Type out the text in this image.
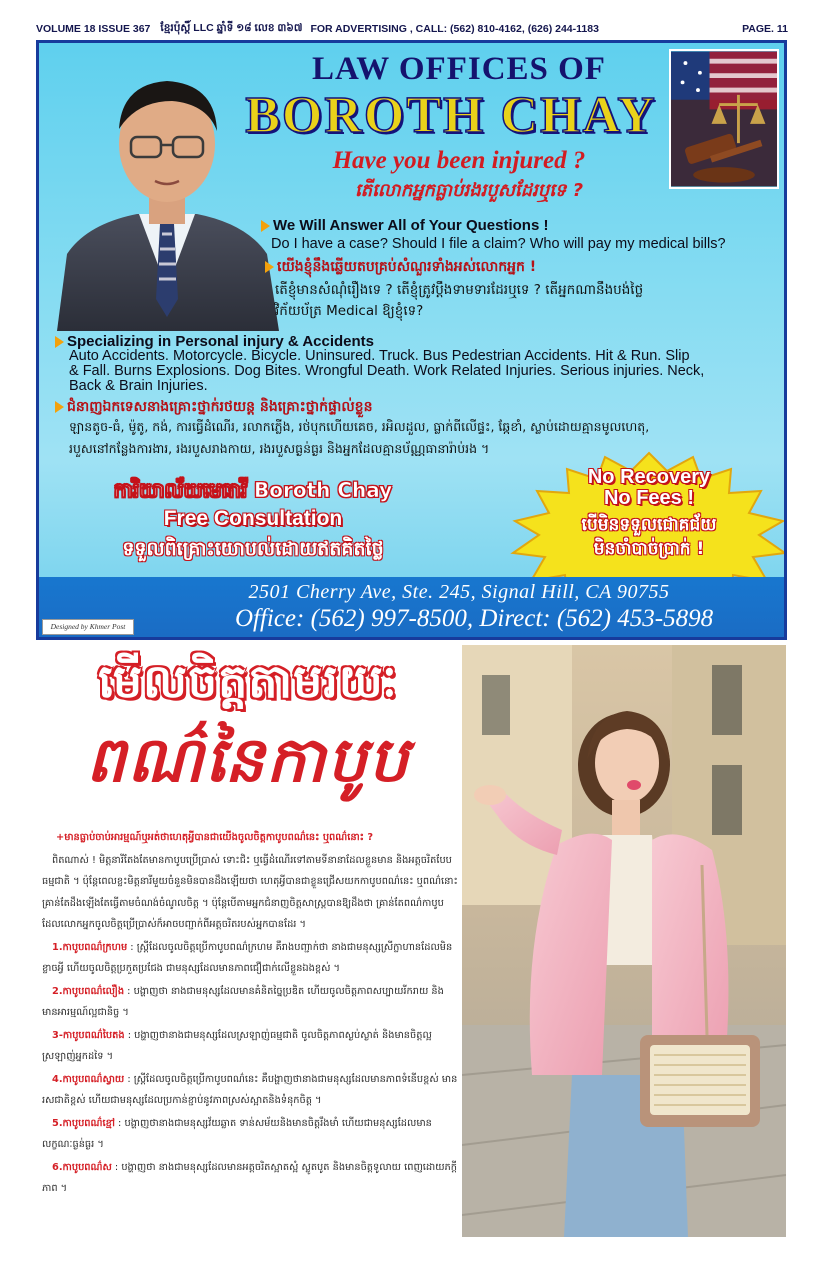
VOLUME 18 ISSUE 367 ខ្មែរប៉ុស្តិ៍ LLC ឆ្នាំទី ១៨ លេខ ៣៦៧ FOR ADVERTISING , CALL: (562) 810-4162, (626) 244-1183	PAGE. 11
LAW OFFICES OF
BOROTH CHAY
Have you been injured ?
តើលោកអ្នកធ្លាប់រងរបួសដែរឬទេ ?
We Will Answer All of Your Questions !
Do I have a case? Should I file a claim? Who will pay my medical bills?
យើងខ្ញុំនឹងឆ្លើយតបគ្រប់សំណួរទាំងអស់លោកអ្នក !
តើខ្ញុំមានសំណុំរឿងទេ ? តើខ្ញុំត្រូវប្តឹងទាមទារដែរឬទេ ? តើអ្នកណានឹងបង់ថ្លៃ
វិក័យប័ត្រ Medical ឱ្យខ្ញុំទេ?
Specializing in Personal injury & Accidents
Auto Accidents. Motorcycle. Bicycle. Uninsured. Truck. Bus Pedestrian Accidents. Hit & Run. Slip
& Fall. Burns Explosions. Dog Bites. Wrongful Death. Work Related Injuries. Serious injuries. Neck,
Back & Brain Injuries.
ជំនាញឯកទេសនាងគ្រោះថ្នាក់រថយន្ត និងគ្រោះថ្នាក់ផ្ទាល់ខ្លួន
ឡានតូច-ធំ, ម៉ូតូ, កង់, ការធ្វើដំណើរ, រលាកភ្លើង, រថ់បុកហើយគេច, រអិលដួល, ធ្លាក់ពីលើផ្ទះ, ឆ្កែខាំ, ស្លាប់ដោយគ្មានមូលហេតុ,
របួសនៅកន្លែងការងារ, រងរបួសរាងកាយ, រងរបួសធ្ងន់ធ្ងរ និងអ្នកដែលគ្មានប័ណ្ណធានារ៉ាប់រង ។
ការិយាល័យមេធាវី Boroth Chay
Free Consultation
ទទួលពិគ្រោះយោបល់ដោយឥតគិតថ្លៃ
No Recovery
No Fees !
បើមិនទទួលជោគជ័យ
មិនចាំបាច់ប្រាក់ !
2501 Cherry Ave, Ste. 245, Signal Hill, CA 90755
Office: (562) 997-8500, Direct: (562) 453-5898
Designed by Khmer Post
មើលចិត្តតាមរយៈ
ពណ៌នៃកាបូប

+មានធ្លាប់ចាប់អារម្មណ៍ឬអត់ថាហេតុអ្វីបានជាយើងចូលចិត្តកាបូបពណ៌នេះ ឬពណ៌នោះ ?

ពិតណាស់ ! មិត្តនារីតែងតែមានកាបូបប្រើប្រាស់ ទោះជិះ ឬធ្វើដំណើរទៅតាមទីនានាដែលខ្លួនមាន និងអត្តចរិតបែបធម្មជាតិ ។ ប៉ុន្តែពេលខ្លះមិត្តនារីមួយចំនួនមិនបានដឹងឡើយថា ហេតុអ្វីបានជាខ្លួនជ្រើសយកកាបូបពណ៌នេះ ឬពណ៌នោះ គ្រាន់តែដឹងឡើងតែធ្វើតាមចំណង់ចំណូលចិត្ត ។ ប៉ុន្តែបើតាមអ្នកជំនាញចិត្តសាស្ត្របានឱ្យដឹងថា គ្រាន់តែពណ៌កាបូបដែលលោកអ្នកចូលចិត្តប្រើប្រាស់ក៏អាចបញ្ជាក់ពីអត្តចរិតរបស់អ្នកបានដែរ ។

1.កាបូបពណ៌ក្រហម : ស្ត្រីដែលចូលចិត្តប្រើកាបូបពណ៌ក្រហម គឺរាងបញ្ជាក់ថា នាងជាមនុស្សស្រីក្លាហានដែលមិនខ្លាចអ្វី ហើយចូលចិត្តប្រកួតប្រជែង ជាមនុស្សដែលមានភាពជឿជាក់លើខ្លួនឯងខ្ពស់ ។

2.កាបូបពណ៌លឿង : បង្ហាញថា នាងជាមនុស្សដែលមានគំនិតច្នៃប្រឌិត ហើយចូលចិត្តភាពសប្បាយរីករាយ និងមានអារម្មណ៍ល្អជានិច្ច ។

3-កាបូបពណ៌បៃតង : បង្ហាញថានាងជាមនុស្សដែលស្រឡាញ់ធម្មជាតិ ចូលចិត្តភាពស្ងប់ស្ងាត់ និងមានចិត្តល្អ ស្រឡាញ់អ្នកដទៃ ។

4.កាបូបពណ៌ស្វាយ : ស្ត្រីដែលចូលចិត្តប្រើកាបូបពណ៌នេះ គឺបង្ហាញថានាងជាមនុស្សដែលមានភាពទំនើបខ្ពស់ មានរសជាតិខ្ពស់ ហើយជាមនុស្សដែលប្រកាន់ខ្ជាប់នូវភាពស្រស់ស្អាតនិងទំនុកចិត្ត ។

5.កាបូបពណ៌ខ្មៅ : បង្ហាញថានាងជាមនុស្សវ័យឆ្លាត ទាន់សម័យនិងមានចិត្តរឹងមាំ ហើយជាមនុស្សដែលមានលក្ខណៈធ្ងន់ធ្ងរ ។

6.កាបូបពណ៌ស : បង្ហាញថា នាងជាមនុស្សដែលមានអត្តចរិតស្អាតស្អំ ស្លូតបូត និងមានចិត្តទូលាយ ពេញដោយភក្តីភាព ។
